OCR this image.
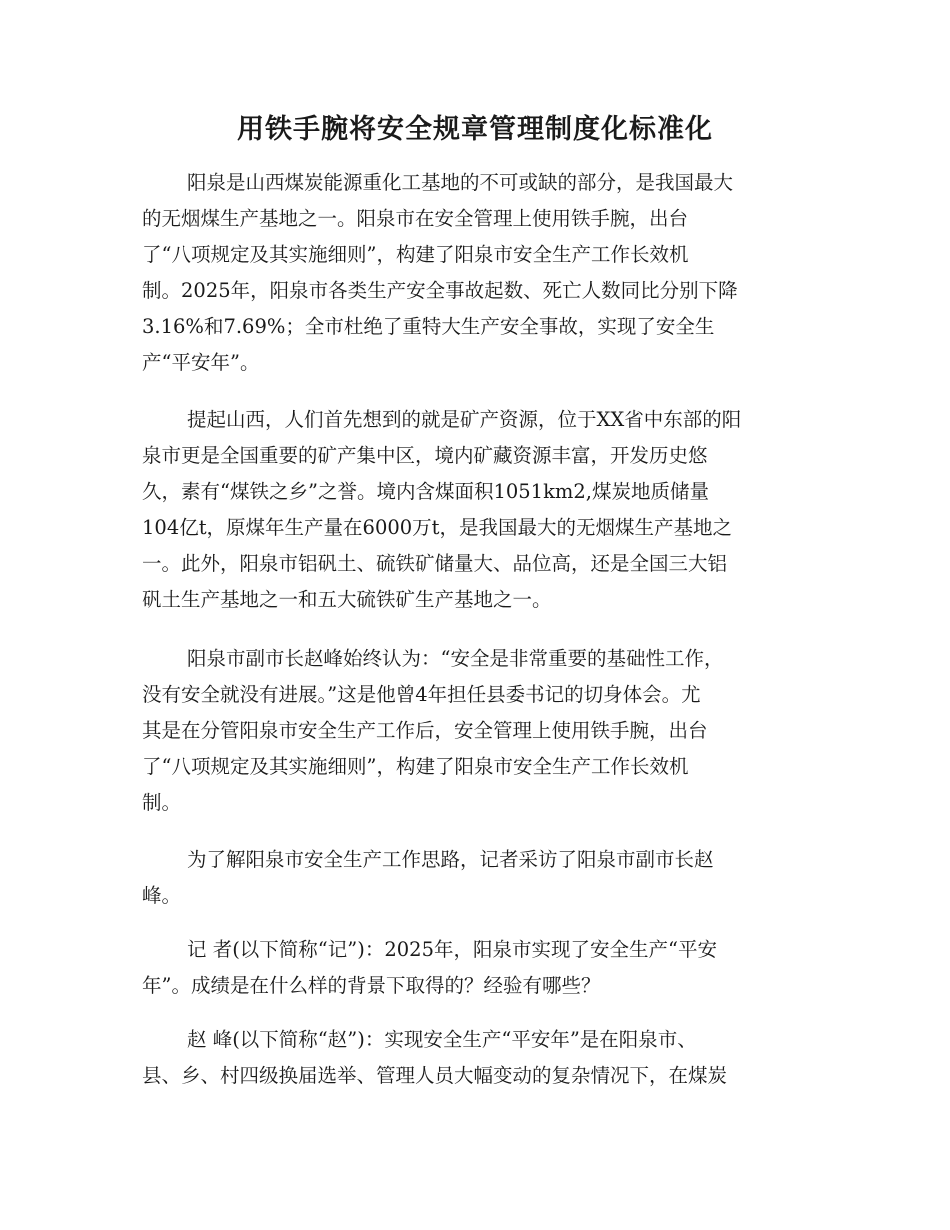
用铁手腕将安全规章管理制度化标准化

阳泉是山西煤炭能源重化工基地的不可或缺的部分，是我国最大
的无烟煤生产基地之一。阳泉市在安全管理上使用铁手腕，出台
了“八项规定及其实施细则”，构建了阳泉市安全生产工作长效机
制。2025年，阳泉市各类生产安全事故起数、死亡人数同比分别下降
3.16%和7.69%；全市杜绝了重特大生产安全事故，实现了安全生
产“平安年”。

提起山西，人们首先想到的就是矿产资源，位于XX省中东部的阳
泉市更是全国重要的矿产集中区，境内矿藏资源丰富，开发历史悠
久，素有“煤铁之乡”之誉。境内含煤面积1051km2,煤炭地质储量
104亿t，原煤年生产量在6000万t，是我国最大的无烟煤生产基地之
一。此外，阳泉市铝矾土、硫铁矿储量大、品位高，还是全国三大铝
矾土生产基地之一和五大硫铁矿生产基地之一。

阳泉市副市长赵峰始终认为：“安全是非常重要的基础性工作，
没有安全就没有进展。”这是他曾4年担任县委书记的切身体会。尤
其是在分管阳泉市安全生产工作后，安全管理上使用铁手腕，出台
了“八项规定及其实施细则”，构建了阳泉市安全生产工作长效机
制。

为了解阳泉市安全生产工作思路，记者采访了阳泉市副市长赵
峰。

记 者(以下简称“记”)：2025年，阳泉市实现了安全生产“平安
年”。成绩是在什么样的背景下取得的？经验有哪些？

赵 峰(以下简称“赵”)：实现安全生产“平安年”是在阳泉市、
县、乡、村四级换届选举、管理人员大幅变动的复杂情况下，在煤炭
